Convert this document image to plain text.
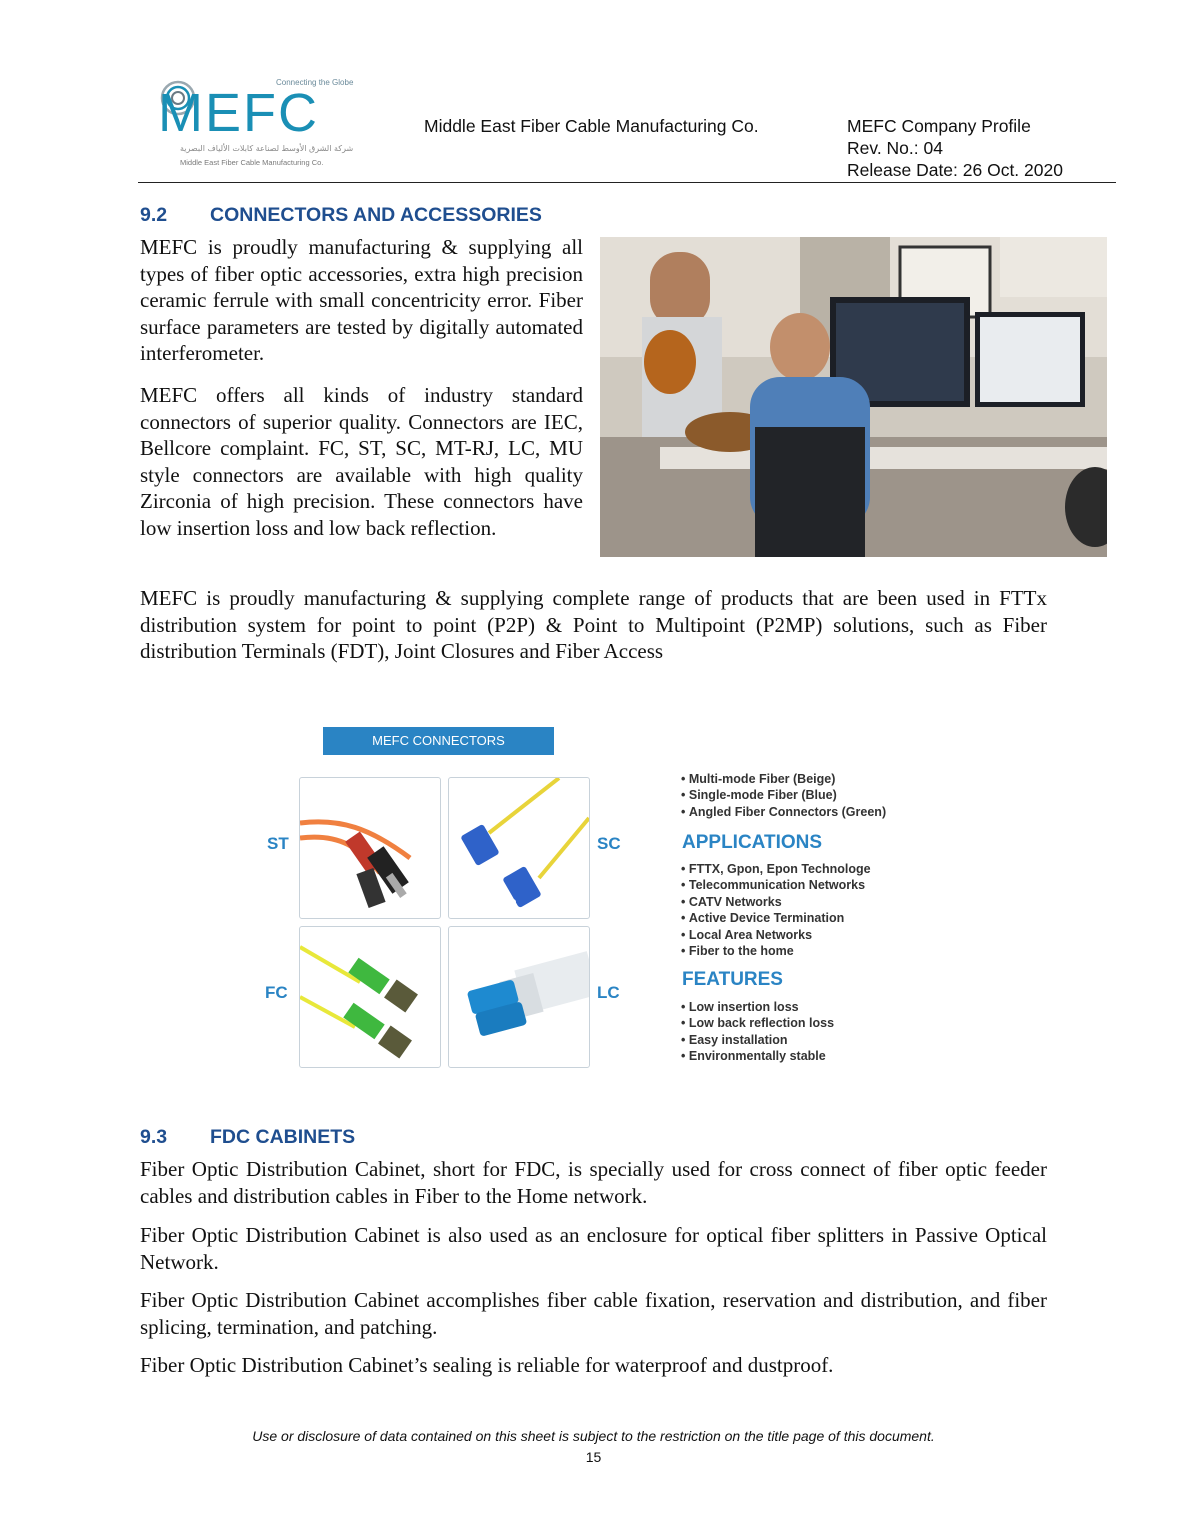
Connecting the Globe
MEFC
شركة الشرق الأوسط لصناعة كابلات الألياف البصرية
Middle East Fiber Cable Manufacturing Co.
Middle East Fiber Cable Manufacturing Co.	MEFC Company Profile
Rev. No.: 04
Release Date: 26 Oct. 2020
9.2 CONNECTORS AND ACCESSORIES
MEFC is proudly manufacturing & supplying all types of fiber optic accessories, extra high precision ceramic ferrule with small concentricity error. Fiber surface parameters are tested by digitally automated interferometer.
MEFC offers all kinds of industry standard connectors of superior quality. Connectors are IEC, Bellcore complaint. FC, ST, SC, MT-RJ, LC, MU style connectors are available with high quality Zirconia of high precision. These connectors have low insertion loss and low back reflection.
MEFC is proudly manufacturing & supplying complete range of products that are been used in FTTx distribution system for point to point (P2P) & Point to Multipoint (P2MP) solutions, such as Fiber distribution Terminals (FDT), Joint Closures and Fiber Access
MEFC CONNECTORS
ST	SC
FC	LC
• Multi-mode Fiber (Beige)
• Single-mode Fiber (Blue)
• Angled Fiber Connectors (Green)
APPLICATIONS
• FTTX, Gpon, Epon Technologe
• Telecommunication Networks
• CATV Networks
• Active Device Termination
• Local Area Networks
• Fiber to the home
FEATURES
• Low insertion loss
• Low back reflection loss
• Easy installation
• Environmentally stable
9.3 FDC CABINETS
Fiber Optic Distribution Cabinet, short for FDC, is specially used for cross connect of fiber optic feeder cables and distribution cables in Fiber to the Home network.
Fiber Optic Distribution Cabinet is also used as an enclosure for optical fiber splitters in Passive Optical Network.
Fiber Optic Distribution Cabinet accomplishes fiber cable fixation, reservation and distribution, and fiber splicing, termination, and patching.
Fiber Optic Distribution Cabinet’s sealing is reliable for waterproof and dustproof.
Use or disclosure of data contained on this sheet is subject to the restriction on the title page of this document.
15
